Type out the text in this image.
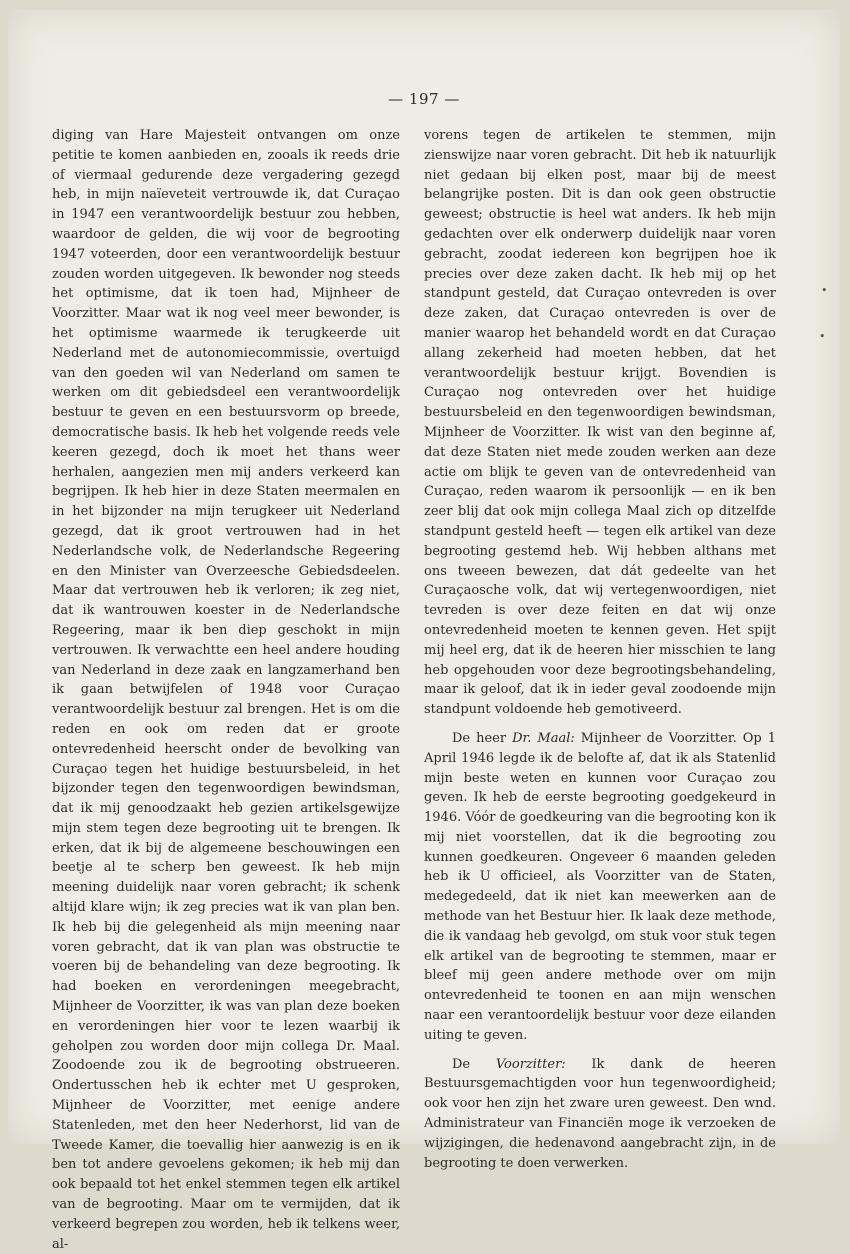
— 197 —

diging van Hare Majesteit ontvangen om onze petitie te komen aanbieden en, zooals ik reeds drie of viermaal gedurende deze vergadering gezegd heb, in mijn naïeveteit vertrouwde ik, dat Curaçao in 1947 een verantwoordelijk bestuur zou hebben, waardoor de gelden, die wij voor de begrooting 1947 voteerden, door een verantwoordelijk bestuur zouden worden uitgegeven. Ik bewonder nog steeds het optimisme, dat ik toen had, Mijnheer de Voorzitter. Maar wat ik nog veel meer bewonder, is het optimisme waarmede ik terugkeerde uit Nederland met de autonomiecommissie, overtuigd van den goeden wil van Nederland om samen te werken om dit gebiedsdeel een verantwoordelijk bestuur te geven en een bestuursvorm op breede, democratische basis. Ik heb het volgende reeds vele keeren gezegd, doch ik moet het thans weer herhalen, aangezien men mij anders verkeerd kan begrijpen. Ik heb hier in deze Staten meermalen en in het bijzonder na mijn terugkeer uit Nederland gezegd, dat ik groot vertrouwen had in het Nederlandsche volk, de Nederlandsche Regeering en den Minister van Overzeesche Gebiedsdeelen. Maar dat vertrouwen heb ik verloren; ik zeg niet, dat ik wantrouwen koester in de Nederlandsche Regeering, maar ik ben diep geschokt in mijn vertrouwen. Ik verwachtte een heel andere houding van Nederland in deze zaak en langzamerhand ben ik gaan betwijfelen of 1948 voor Curaçao verantwoordelijk bestuur zal brengen. Het is om die reden en ook om reden dat er groote ontevredenheid heerscht onder de bevolking van Curaçao tegen het huidige bestuursbeleid, in het bijzonder tegen den tegenwoordigen bewindsman, dat ik mij genoodzaakt heb gezien artikelsgewijze mijn stem tegen deze begrooting uit te brengen. Ik erken, dat ik bij de algemeene beschouwingen een beetje al te scherp ben geweest. Ik heb mijn meening duidelijk naar voren gebracht; ik schenk altijd klare wijn; ik zeg precies wat ik van plan ben. Ik heb bij die gelegenheid als mijn meening naar voren gebracht, dat ik van plan was obstructie te voeren bij de behandeling van deze begrooting. Ik had boeken en verordeningen meegebracht, Mijnheer de Voorzitter, ik was van plan deze boeken en verordeningen hier voor te lezen waarbij ik geholpen zou worden door mijn collega Dr. Maal. Zoodoende zou ik de begrooting obstrueeren. Ondertusschen heb ik echter met U gesproken, Mijnheer de Voorzitter, met eenige andere Statenleden, met den heer Nederhorst, lid van de Tweede Kamer, die toevallig hier aanwezig is en ik ben tot andere gevoelens gekomen; ik heb mij dan ook bepaald tot het enkel stemmen tegen elk artikel van de begrooting. Maar om te vermijden, dat ik verkeerd begrepen zou worden, heb ik telkens weer, al-

vorens tegen de artikelen te stemmen, mijn zienswijze naar voren gebracht. Dit heb ik natuurlijk niet gedaan bij elken post, maar bij de meest belangrijke posten. Dit is dan ook geen obstructie geweest; obstructie is heel wat anders. Ik heb mijn gedachten over elk onderwerp duidelijk naar voren gebracht, zoodat iedereen kon begrijpen hoe ik precies over deze zaken dacht. Ik heb mij op het standpunt gesteld, dat Curaçao ontevreden is over deze zaken, dat Curaçao ontevreden is over de manier waarop het behandeld wordt en dat Curaçao allang zekerheid had moeten hebben, dat het verantwoordelijk bestuur krijgt. Bovendien is Curaçao nog ontevreden over het huidige bestuursbeleid en den tegenwoordigen bewindsman, Mijnheer de Voorzitter. Ik wist van den beginne af, dat deze Staten niet mede zouden werken aan deze actie om blijk te geven van de ontevredenheid van Curaçao, reden waarom ik persoonlijk — en ik ben zeer blij dat ook mijn collega Maal zich op ditzelfde standpunt gesteld heeft — tegen elk artikel van deze begrooting gestemd heb. Wij hebben althans met ons tweeen bewezen, dat dát gedeelte van het Curaçaosche volk, dat wij vertegenwoordigen, niet tevreden is over deze feiten en dat wij onze ontevredenheid moeten te kennen geven. Het spijt mij heel erg, dat ik de heeren hier misschien te lang heb opgehouden voor deze begrootingsbehandeling, maar ik geloof, dat ik in ieder geval zoodoende mijn standpunt voldoende heb gemotiveerd.

De heer Dr. Maal: Mijnheer de Voorzitter. Op 1 April 1946 legde ik de belofte af, dat ik als Statenlid mijn beste weten en kunnen voor Curaçao zou geven. Ik heb de eerste begrooting goedgekeurd in 1946. Vóór de goedkeuring van die begrooting kon ik mij niet voorstellen, dat ik die begrooting zou kunnen goedkeuren. Ongeveer 6 maanden geleden heb ik U officieel, als Voorzitter van de Staten, medegedeeld, dat ik niet kan meewerken aan de methode van het Bestuur hier. Ik laak deze methode, die ik vandaag heb gevolgd, om stuk voor stuk tegen elk artikel van de begrooting te stemmen, maar er bleef mij geen andere methode over om mijn ontevredenheid te toonen en aan mijn wenschen naar een verantoordelijk bestuur voor deze eilanden uiting te geven.

De Voorzitter: Ik dank de heeren Bestuursgemachtigden voor hun tegenwoordigheid; ook voor hen zijn het zware uren geweest. Den wnd. Administrateur van Financiën moge ik verzoeken de wijzigingen, die hedenavond aangebracht zijn, in de begrooting te doen verwerken.

•
•
